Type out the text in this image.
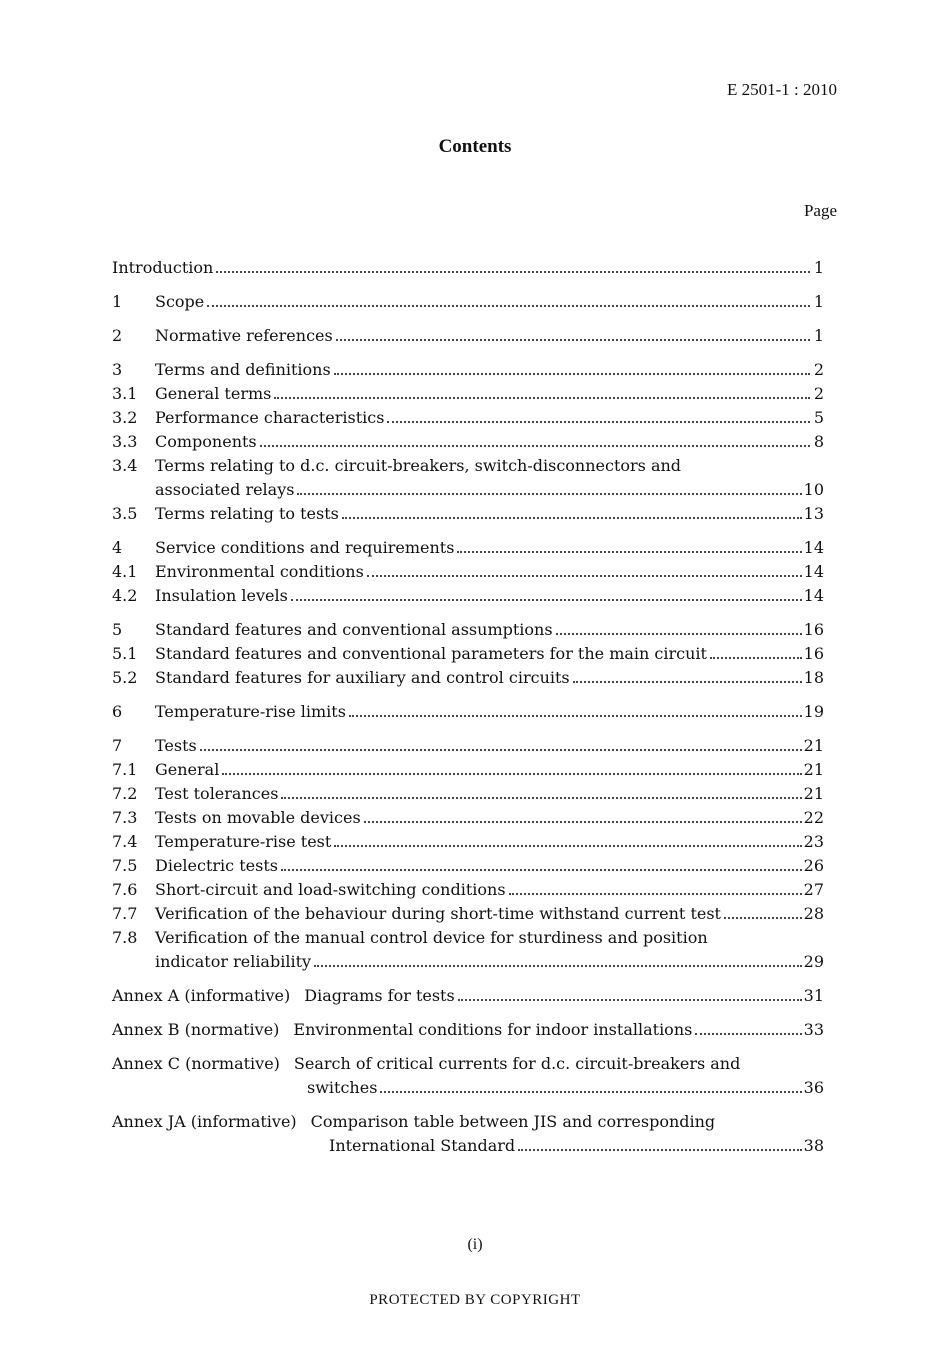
E 2501-1 : 2010
Contents
Page
Introduction	1
1	Scope	1
2	Normative references	1
3	Terms and definitions	2
3.1	General terms	2
3.2	Performance characteristics	5
3.3	Components	8
3.4	Terms relating to d.c. circuit-breakers, switch-disconnectors and
associated relays	10
3.5	Terms relating to tests	13
4	Service conditions and requirements	14
4.1	Environmental conditions	14
4.2	Insulation levels	14
5	Standard features and conventional assumptions	16
5.1	Standard features and conventional parameters for the main circuit	16
5.2	Standard features for auxiliary and control circuits	18
6	Temperature-rise limits	19
7	Tests	21
7.1	General	21
7.2	Test tolerances	21
7.3	Tests on movable devices	22
7.4	Temperature-rise test	23
7.5	Dielectric tests	26
7.6	Short-circuit and load-switching conditions	27
7.7	Verification of the behaviour during short-time withstand current test	28
7.8	Verification of the manual control device for sturdiness and position
indicator reliability	29
Annex A (informative) Diagrams for tests	31
Annex B (normative) Environmental conditions for indoor installations	33
Annex C (normative) Search of critical currents for d.c. circuit-breakers and
switches	36
Annex JA (informative) Comparison table between JIS and corresponding
International Standard	38
(i)
PROTECTED BY COPYRIGHT
